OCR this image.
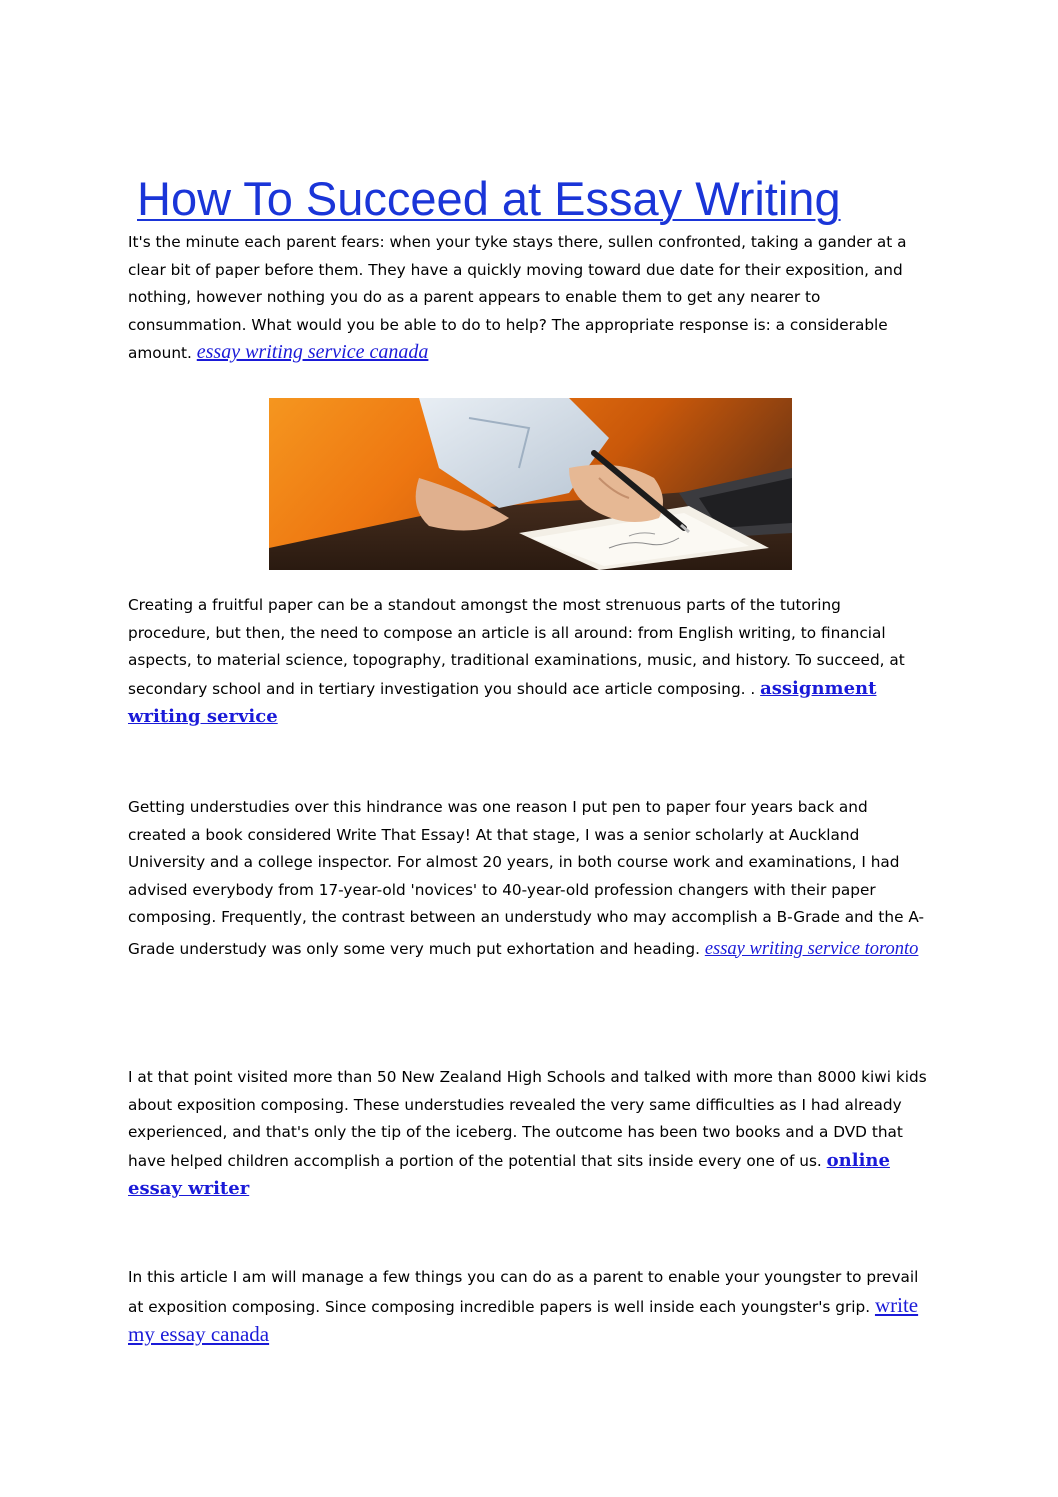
How To Succeed at Essay Writing

It's the minute each parent fears: when your tyke stays there, sullen confronted, taking a gander at a clear bit of paper before them. They have a quickly moving toward due date for their exposition, and nothing, however nothing you do as a parent appears to enable them to get any nearer to consummation. What would you be able to do to help? The appropriate response is: a considerable amount. essay writing service canada

Creating a fruitful paper can be a standout amongst the most strenuous parts of the tutoring procedure, but then, the need to compose an article is all around: from English writing, to financial aspects, to material science, topography, traditional examinations, music, and history. To succeed, at secondary school and in tertiary investigation you should ace article composing. . assignment writing service

Getting understudies over this hindrance was one reason I put pen to paper four years back and created a book considered Write That Essay! At that stage, I was a senior scholarly at Auckland University and a college inspector. For almost 20 years, in both course work and examinations, I had advised everybody from 17-year-old 'novices' to 40-year-old profession changers with their paper composing. Frequently, the contrast between an understudy who may accomplish a B-Grade and the A-Grade understudy was only some very much put exhortation and heading. essay writing service toronto

I at that point visited more than 50 New Zealand High Schools and talked with more than 8000 kiwi kids about exposition composing. These understudies revealed the very same difficulties as I had already experienced, and that's only the tip of the iceberg. The outcome has been two books and a DVD that have helped children accomplish a portion of the potential that sits inside every one of us. online essay writer

In this article I am will manage a few things you can do as a parent to enable your youngster to prevail at exposition composing. Since composing incredible papers is well inside each youngster's grip. write my essay canada
